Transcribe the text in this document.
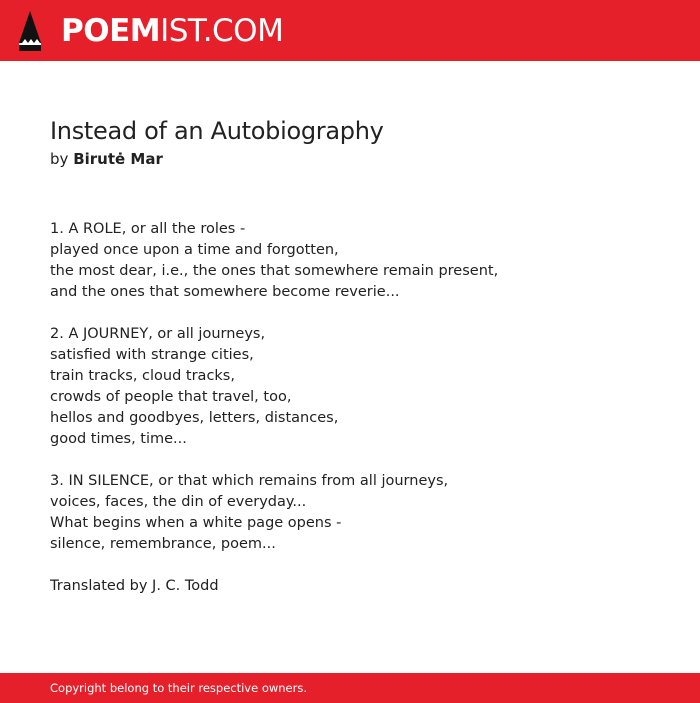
POEMIST.COM
Instead of an Autobiography
by Birutė Mar
1. A ROLE, or all the roles -
played once upon a time and forgotten,
the most dear, i.e., the ones that somewhere remain present,
and the ones that somewhere become reverie...
2. A JOURNEY, or all journeys,
satisfied with strange cities,
train tracks, cloud tracks,
crowds of people that travel, too,
hellos and goodbyes, letters, distances,
good times, time...
3. IN SILENCE, or that which remains from all journeys,
voices, faces, the din of everyday...
What begins when a white page opens -
silence, remembrance, poem...
Translated by J. C. Todd
Copyright belong to their respective owners.
